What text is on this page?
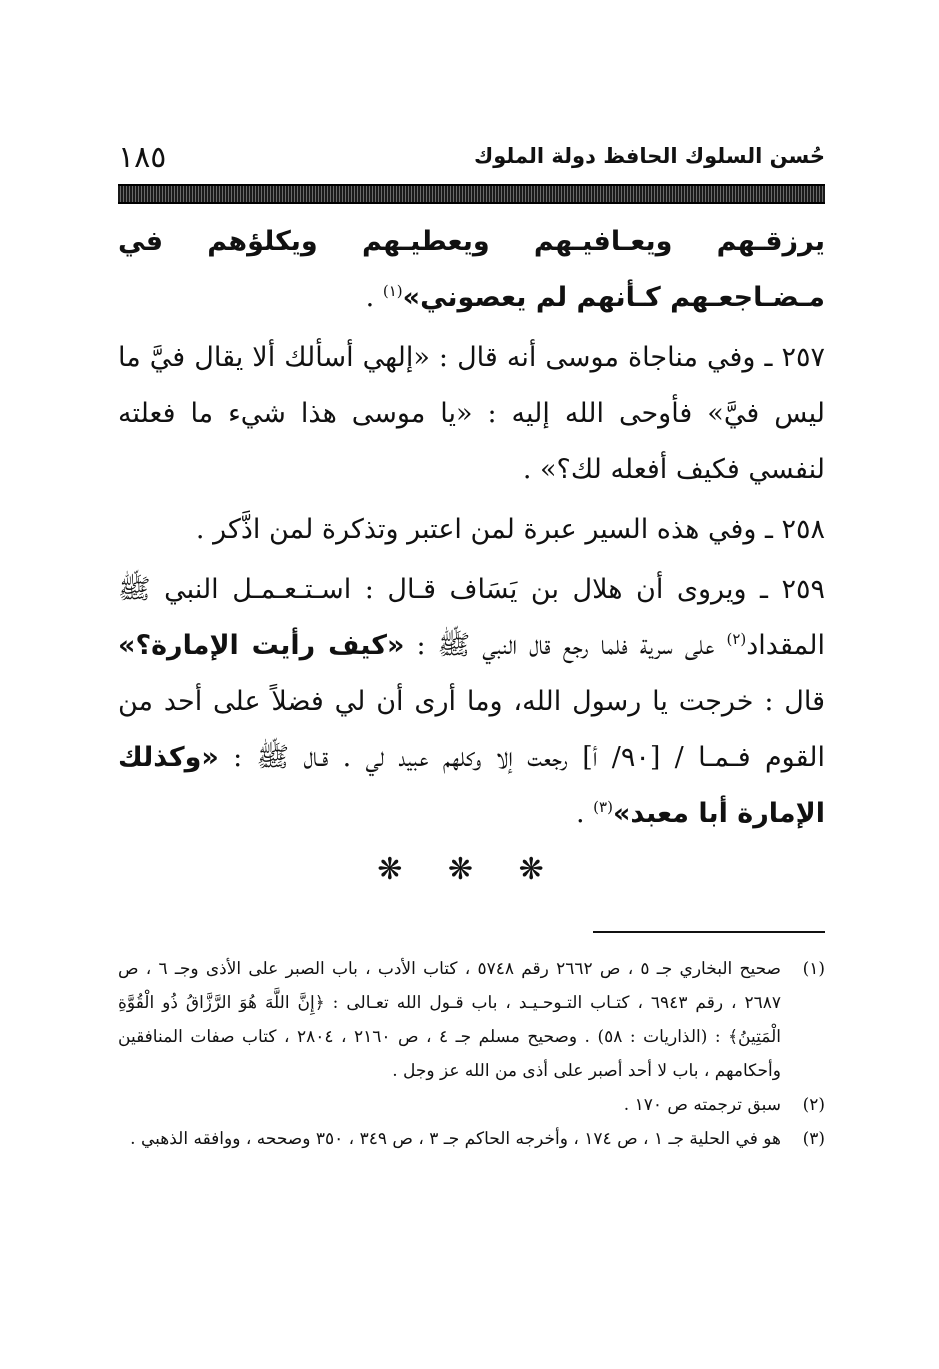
حُسن السلوك الحافظ دولة الملوك
١٨٥

يرزقـهم ويعـافيـهم ويعطيـهم ويكلؤهم في مـضـاجعـهم كـأنهم لم يعصوني»$^{(١)}$ .

٢٥٧ ـ وفي مناجاة موسى أنه قال : «إلهي أسألك ألا يقال فيَّ ما ليس فيَّ» فأوحى الله إليه : «يا موسى هذا شيء ما فعلته لنفسي فكيف أفعله لك؟» .

٢٥٨ ـ وفي هذه السير عبرة لمن اعتبر وتذكرة لمن اذَّكر .

٢٥٩ ـ ويروى أن هلال بن يَسَاف قـال : اسـتـعـمـل النبي ﷺ المقداد$^{(٢)}$ على سرية فلما رجع قال النبي ﷺ : «كيف رأيت الإمارة؟» قال : خرجت يا رسول الله، وما أرى أن لي فضلاً على أحد من القوم فـمـا / [٩٠/ أ] رجعت إلا وكلهم عبيد لي . قـال ﷺ : «وكذلك الإمارة أبا معبد»$^{(٣)}$ .

❋ ❋ ❋

(١)
صحيح البخاري جـ ٥ ، ص ٢٦٦٢ رقم ٥٧٤٨ ، كتاب الأدب ، باب الصبر على الأذى وجـ ٦ ، ص ٢٦٨٧ ، رقم ٦٩٤٣ ، كتـاب التـوحـيـد ، باب قـول الله تعـالى : ﴿إِنَّ اللَّهَ هُوَ الرَّزَّاقُ ذُو الْقُوَّةِ الْمَتِينُ﴾ : (الذاريات : ٥٨) . وصحيح مسلم جـ ٤ ، ص ٢١٦٠ ، ٢٨٠٤ ، كتاب صفات المنافقين وأحكامهم ، باب لا أحد أصبر على أذى من الله عز وجل .

(٢)
سبق ترجمته ص ١٧٠ .

(٣)
هو في الحلية جـ ١ ، ص ١٧٤ ، وأخرجه الحاكم جـ ٣ ، ص ٣٤٩ ، ٣٥٠ وصححه ، ووافقه الذهبي .
